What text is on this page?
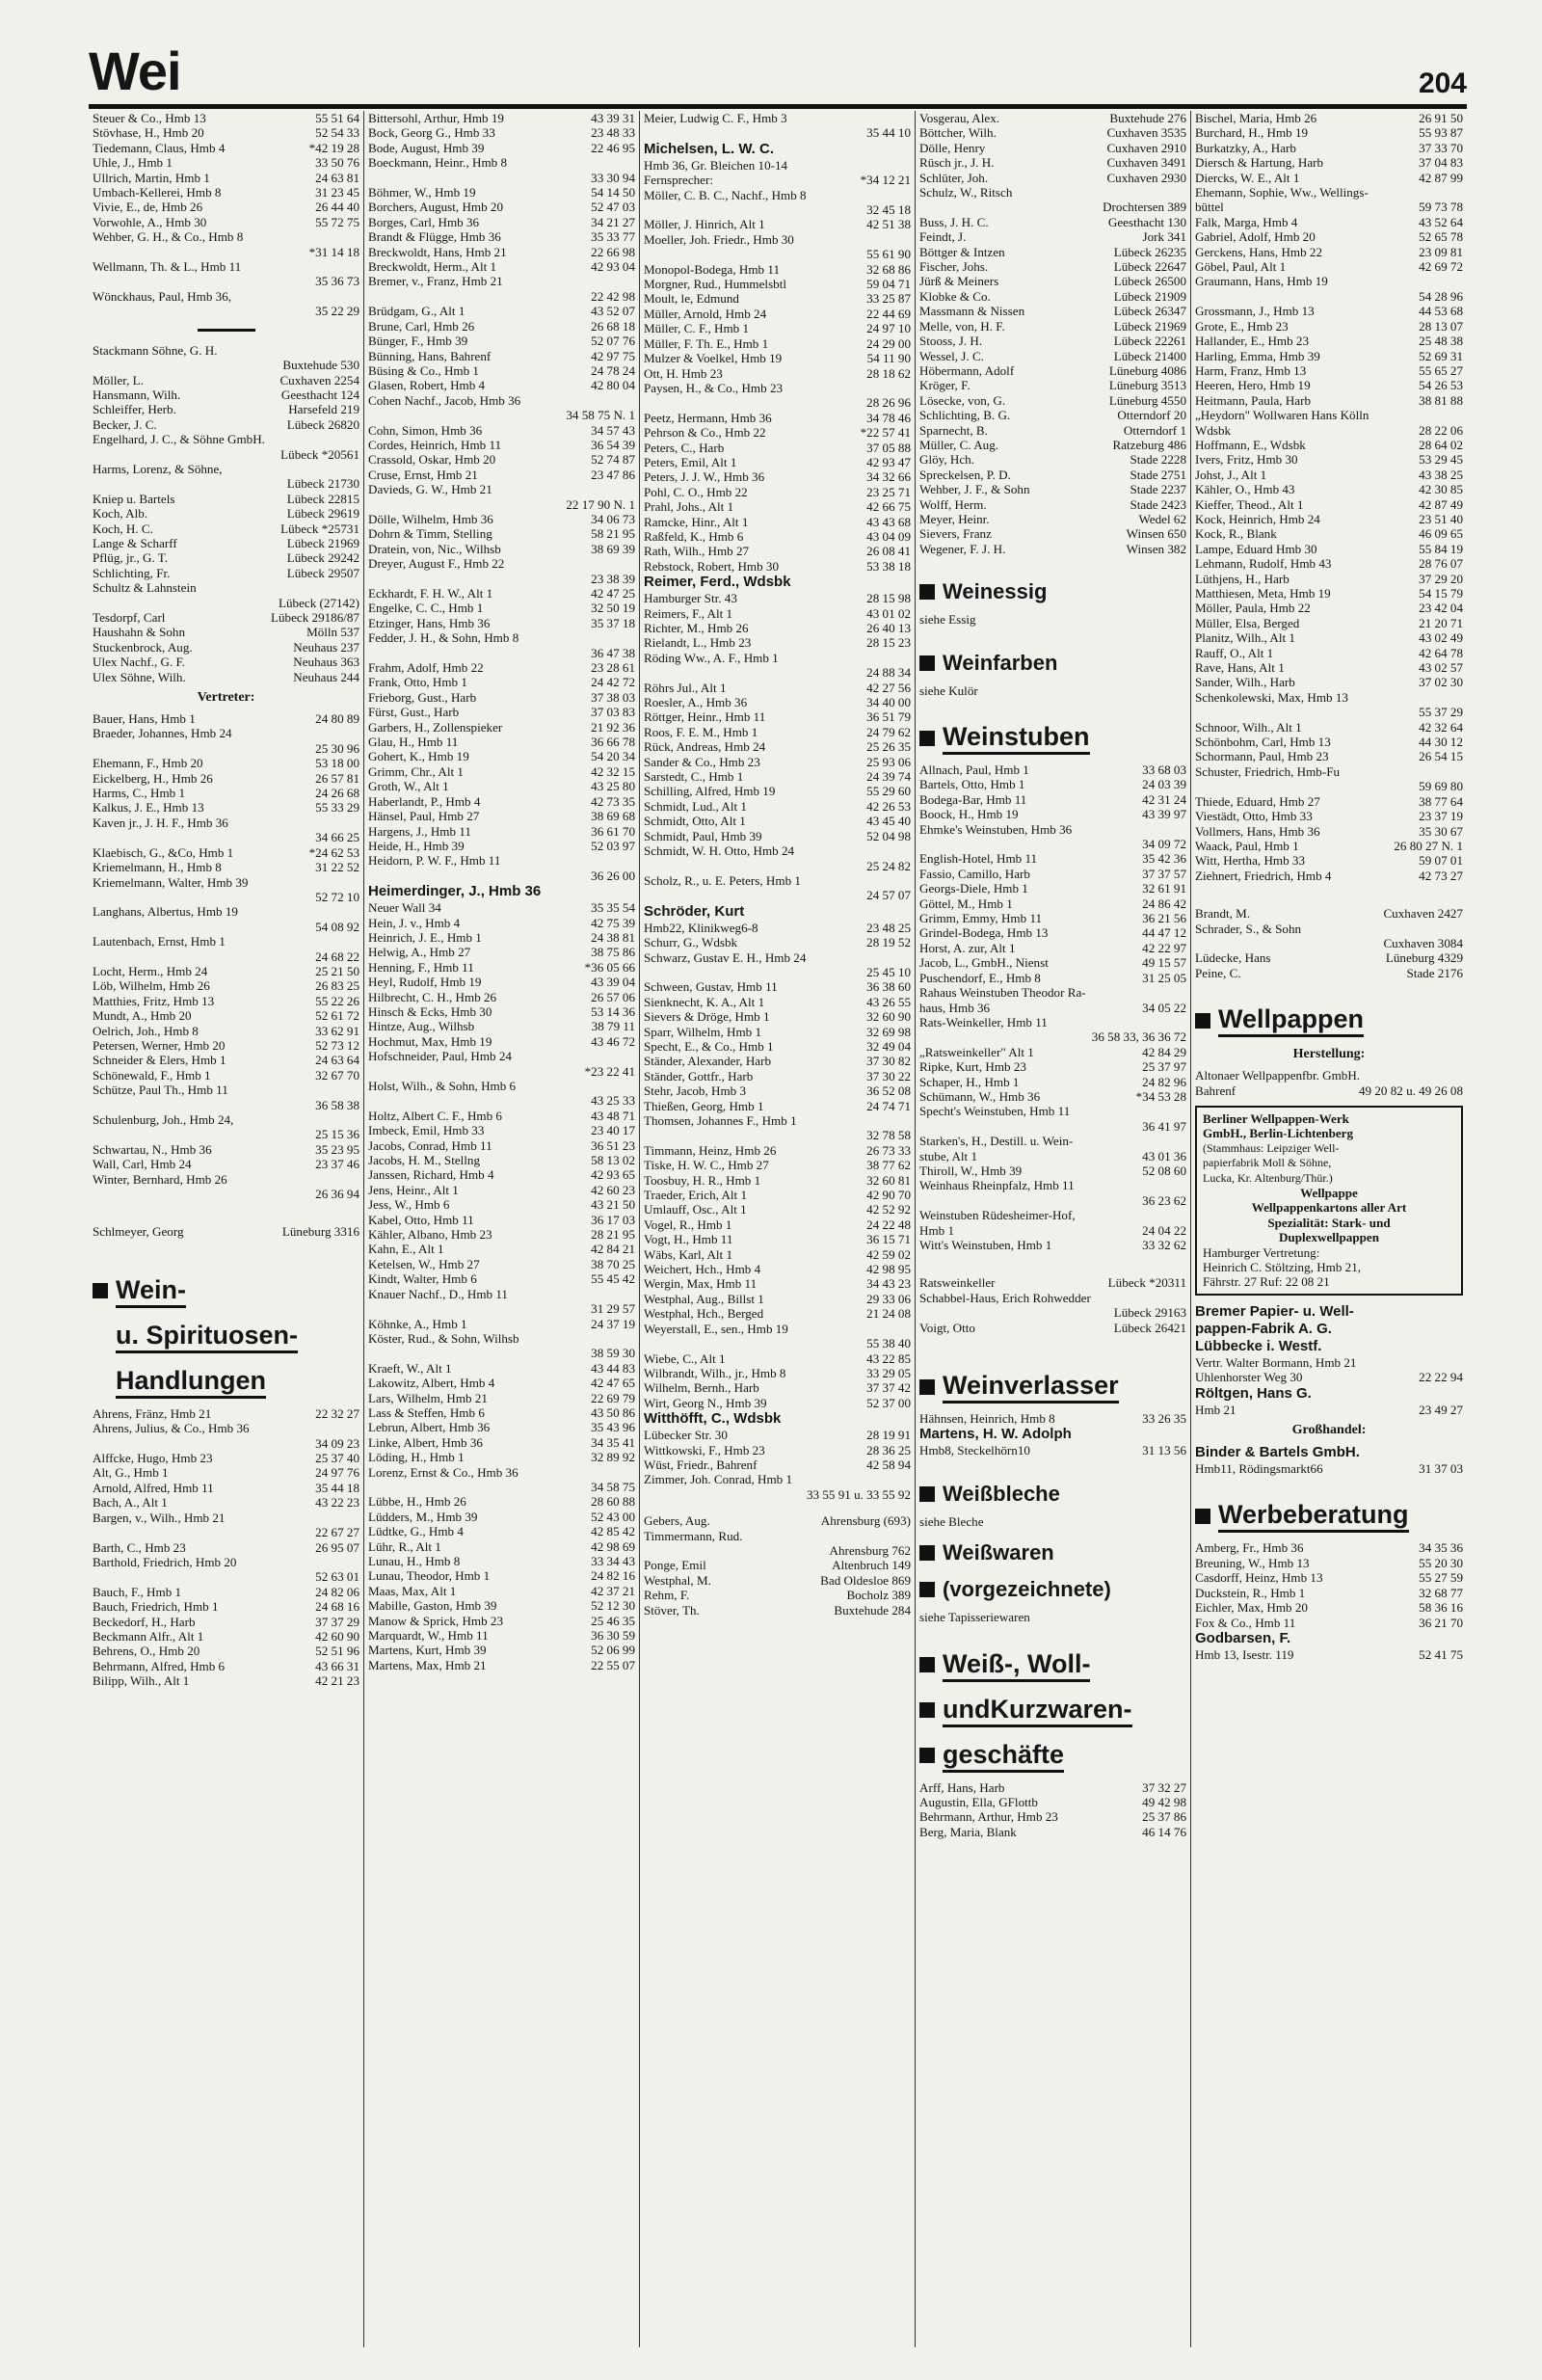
Wei	204
Steuer & Co., Hmb 13	55 51 64
Stövhase, H., Hmb 20	52 54 33
Tiedemann, Claus, Hmb 4	*42 19 28
Uhle, J., Hmb 1	33 50 76
Ullrich, Martin, Hmb 1	24 63 81
Umbach-Kellerei, Hmb 8	31 23 45
Vivie, E., de, Hmb 26	26 44 40
Vorwohle, A., Hmb 30	55 72 75
Wehber, G. H., & Co., Hmb 8
*31 14 18
Wellmann, Th. & L., Hmb 11
35 36 73
Wönckhaus, Paul, Hmb 36,
35 22 29
Stackmann Söhne, G. H.
Buxtehude 530
Möller, L.	Cuxhaven 2254
Hansmann, Wilh.	Geesthacht 124
Schleiffer, Herb.	Harsefeld 219
Becker, J. C.	Lübeck 26820
Engelhard, J. C., & Söhne GmbH.
Lübeck *20561
Harms, Lorenz, & Söhne,
Lübeck 21730
Kniep u. Bartels	Lübeck 22815
Koch, Alb.	Lübeck 29619
Koch, H. C.	Lübeck *25731
Lange & Scharff	Lübeck 21969
Pflüg, jr., G. T.	Lübeck 29242
Schlichting, Fr.	Lübeck 29507
Schultz & Lahnstein
Lübeck (27142)
Tesdorpf, Carl	Lübeck 29186/87
Haushahn & Sohn	Mölln 537
Stuckenbrock, Aug.	Neuhaus 237
Ulex Nachf., G. F.	Neuhaus 363
Ulex Söhne, Wilh.	Neuhaus 244
Vertreter:
Bauer, Hans, Hmb 1	24 80 89
Braeder, Johannes, Hmb 24
25 30 96
Ehemann, F., Hmb 20	53 18 00
Eickelberg, H., Hmb 26	26 57 81
Harms, C., Hmb 1	24 26 68
Kalkus, J. E., Hmb 13	55 33 29
Kaven jr., J. H. F., Hmb 36
34 66 25
Klaebisch, G., &Co, Hmb 1	*24 62 53
Kriemelmann, H., Hmb 8	31 22 52
Kriemelmann, Walter, Hmb 39
52 72 10
Langhans, Albertus, Hmb 19
54 08 92
Lautenbach, Ernst, Hmb 1
24 68 22
Locht, Herm., Hmb 24	25 21 50
Löb, Wilhelm, Hmb 26	26 83 25
Matthies, Fritz, Hmb 13	55 22 26
Mundt, A., Hmb 20	52 61 72
Oelrich, Joh., Hmb 8	33 62 91
Petersen, Werner, Hmb 20	52 73 12
Schneider & Elers, Hmb 1	24 63 64
Schönewald, F., Hmb 1	32 67 70
Schütze, Paul Th., Hmb 11
36 58 38
Schulenburg, Joh., Hmb 24,
25 15 36
Schwartau, N., Hmb 36	35 23 95
Wall, Carl, Hmb 24	23 37 46
Winter, Bernhard, Hmb 26
26 36 94
Schlmeyer, Georg	Lüneburg 3316
Wein-
u. Spirituosen-
Handlungen
Ahrens, Fränz, Hmb 21	22 32 27
Ahrens, Julius, & Co., Hmb 36
34 09 23
Alffcke, Hugo, Hmb 23	25 37 40
Alt, G., Hmb 1	24 97 76
Arnold, Alfred, Hmb 11	35 44 18
Bach, A., Alt 1	43 22 23
Bargen, v., Wilh., Hmb 21
22 67 27
Barth, C., Hmb 23	26 95 07
Barthold, Friedrich, Hmb 20
52 63 01
Bauch, F., Hmb 1	24 82 06
Bauch, Friedrich, Hmb 1	24 68 16
Beckedorf, H., Harb	37 37 29
Beckmann Alfr., Alt 1	42 60 90
Behrens, O., Hmb 20	52 51 96
Behrmann, Alfred, Hmb 6	43 66 31
Bilipp, Wilh., Alt 1	42 21 23
Bittersohl, Arthur, Hmb 19	43 39 31
Bock, Georg G., Hmb 33	23 48 33
Bode, August, Hmb 39	22 46 95
Boeckmann, Heinr., Hmb 8
33 30 94
Böhmer, W., Hmb 19	54 14 50
Borchers, August, Hmb 20	52 47 03
Borges, Carl, Hmb 36	34 21 27
Brandt & Flügge, Hmb 36	35 33 77
Breckwoldt, Hans, Hmb 21	22 66 98
Breckwoldt, Herm., Alt 1	42 93 04
Bremer, v., Franz, Hmb 21
22 42 98
Brüdgam, G., Alt 1	43 52 07
Brune, Carl, Hmb 26	26 68 18
Bünger, F., Hmb 39	52 07 76
Bünning, Hans, Bahrenf	42 97 75
Büsing & Co., Hmb 1	24 78 24
Glasen, Robert, Hmb 4	42 80 04
Cohen Nachf., Jacob, Hmb 36
34 58 75 N. 1
Cohn, Simon, Hmb 36	34 57 43
Cordes, Heinrich, Hmb 11	36 54 39
Crassold, Oskar, Hmb 20	52 74 87
Cruse, Ernst, Hmb 21	23 47 86
Davieds, G. W., Hmb 21
22 17 90 N. 1
Dölle, Wilhelm, Hmb 36	34 06 73
Dohrn & Timm, Stelling	58 21 95
Dratein, von, Nic., Wilhsb	38 69 39
Dreyer, August F., Hmb 22
23 38 39
Eckhardt, F. H. W., Alt 1	42 47 25
Engelke, C. C., Hmb 1	32 50 19
Etzinger, Hans, Hmb 36	35 37 18
Fedder, J. H., & Sohn, Hmb 8
36 47 38
Frahm, Adolf, Hmb 22	23 28 61
Frank, Otto, Hmb 1	24 42 72
Frieborg, Gust., Harb	37 38 03
Fürst, Gust., Harb	37 03 83
Garbers, H., Zollenspieker	21 92 36
Glau, H., Hmb 11	36 66 78
Gohert, K., Hmb 19	54 20 34
Grimm, Chr., Alt 1	42 32 15
Groth, W., Alt 1	43 25 80
Haberlandt, P., Hmb 4	42 73 35
Hänsel, Paul, Hmb 27	38 69 68
Hargens, J., Hmb 11	36 61 70
Heide, H., Hmb 39	52 03 97
Heidorn, P. W. F., Hmb 11
36 26 00
Heimerdinger, J., Hmb 36
Neuer Wall 34	35 35 54
Hein, J. v., Hmb 4	42 75 39
Heinrich, J. E., Hmb 1	24 38 81
Helwig, A., Hmb 27	38 75 86
Henning, F., Hmb 11	*36 05 66
Heyl, Rudolf, Hmb 19	43 39 04
Hilbrecht, C. H., Hmb 26	26 57 06
Hinsch & Ecks, Hmb 30	53 14 36
Hintze, Aug., Wilhsb	38 79 11
Hochmut, Max, Hmb 19	43 46 72
Hofschneider, Paul, Hmb 24
*23 22 41
Holst, Wilh., & Sohn, Hmb 6
43 25 33
Holtz, Albert C. F., Hmb 6	43 48 71
Imbeck, Emil, Hmb 33	23 40 17
Jacobs, Conrad, Hmb 11	36 51 23
Jacobs, H. M., Stellng	58 13 02
Janssen, Richard, Hmb 4	42 93 65
Jens, Heinr., Alt 1	42 60 23
Jess, W., Hmb 6	43 21 50
Kabel, Otto, Hmb 11	36 17 03
Kähler, Albano, Hmb 23	28 21 95
Kahn, E., Alt 1	42 84 21
Ketelsen, W., Hmb 27	38 70 25
Kindt, Walter, Hmb 6	55 45 42
Knauer Nachf., D., Hmb 11
31 29 57
Köhnke, A., Hmb 1	24 37 19
Köster, Rud., & Sohn, Wilhsb
38 59 30
Kraeft, W., Alt 1	43 44 83
Lakowitz, Albert, Hmb 4	42 47 65
Lars, Wilhelm, Hmb 21	22 69 79
Lass & Steffen, Hmb 6	43 50 86
Lebrun, Albert, Hmb 36	35 43 96
Linke, Albert, Hmb 36	34 35 41
Löding, H., Hmb 1	32 89 92
Lorenz, Ernst & Co., Hmb 36
34 58 75
Lübbe, H., Hmb 26	28 60 88
Lüdders, M., Hmb 39	52 43 00
Lüdtke, G., Hmb 4	42 85 42
Lühr, R., Alt 1	42 98 69
Lunau, H., Hmb 8	33 34 43
Lunau, Theodor, Hmb 1	24 82 16
Maas, Max, Alt 1	42 37 21
Mabille, Gaston, Hmb 39	52 12 30
Manow & Sprick, Hmb 23	25 46 35
Marquardt, W., Hmb 11	36 30 59
Martens, Kurt, Hmb 39	52 06 99
Martens, Max, Hmb 21	22 55 07
Meier, Ludwig C. F., Hmb 3
35 44 10
Michelsen, L. W. C.
Hmb 36, Gr. Bleichen 10-14
Fernsprecher:	*34 12 21
Möller, C. B. C., Nachf., Hmb 8
32 45 18
Möller, J. Hinrich, Alt 1	42 51 38
Moeller, Joh. Friedr., Hmb 30
55 61 90
Monopol-Bodega, Hmb 11	32 68 86
Morgner, Rud., Hummelsbtl	59 04 71
Moult, le, Edmund	33 25 87
Müller, Arnold, Hmb 24	22 44 69
Müller, C. F., Hmb 1	24 97 10
Müller, F. Th. E., Hmb 1	24 29 00
Mulzer & Voelkel, Hmb 19	54 11 90
Ott, H. Hmb 23	28 18 62
Paysen, H., & Co., Hmb 23
28 26 96
Peetz, Hermann, Hmb 36	34 78 46
Pehrson & Co., Hmb 22	*22 57 41
Peters, C., Harb	37 05 88
Peters, Emil, Alt 1	42 93 47
Peters, J. J. W., Hmb 36	34 32 66
Pohl, C. O., Hmb 22	23 25 71
Prahl, Johs., Alt 1	42 66 75
Ramcke, Hinr., Alt 1	43 43 68
Raßfeld, K., Hmb 6	43 04 09
Rath, Wilh., Hmb 27	26 08 41
Rebstock, Robert, Hmb 30	53 38 18
Reimer, Ferd., Wdsbk
Hamburger Str. 43	28 15 98
Reimers, F., Alt 1	43 01 02
Richter, M., Hmb 26	26 40 13
Rielandt, L., Hmb 23	28 15 23
Röding Ww., A. F., Hmb 1
24 88 34
Röhrs Jul., Alt 1	42 27 56
Roesler, A., Hmb 36	34 40 00
Röttger, Heinr., Hmb 11	36 51 79
Roos, F. E. M., Hmb 1	24 79 62
Rück, Andreas, Hmb 24	25 26 35
Sander & Co., Hmb 23	25 93 06
Sarstedt, C., Hmb 1	24 39 74
Schilling, Alfred, Hmb 19	55 29 60
Schmidt, Lud., Alt 1	42 26 53
Schmidt, Otto, Alt 1	43 45 40
Schmidt, Paul, Hmb 39	52 04 98
Schmidt, W. H. Otto, Hmb 24
25 24 82
Scholz, R., u. E. Peters, Hmb 1
24 57 07
Schröder, Kurt
Hmb22, Klinikweg6-8	23 48 25
Schurr, G., Wdsbk	28 19 52
Schwarz, Gustav E. H., Hmb 24
25 45 10
Schween, Gustav, Hmb 11	36 38 60
Sienknecht, K. A., Alt 1	43 26 55
Sievers & Dröge, Hmb 1	32 60 90
Sparr, Wilhelm, Hmb 1	32 69 98
Specht, E., & Co., Hmb 1	32 49 04
Ständer, Alexander, Harb	37 30 82
Ständer, Gottfr., Harb	37 30 22
Stehr, Jacob, Hmb 3	36 52 08
Thießen, Georg, Hmb 1	24 74 71
Thomsen, Johannes F., Hmb 1
32 78 58
Timmann, Heinz, Hmb 26	26 73 33
Tiske, H. W. C., Hmb 27	38 77 62
Toosbuy, H. R., Hmb 1	32 60 81
Traeder, Erich, Alt 1	42 90 70
Umlauff, Osc., Alt 1	42 52 92
Vogel, R., Hmb 1	24 22 48
Vogt, H., Hmb 11	36 15 71
Wäbs, Karl, Alt 1	42 59 02
Weichert, Hch., Hmb 4	42 98 95
Wergin, Max, Hmb 11	34 43 23
Westphal, Aug., Billst 1	29 33 06
Westphal, Hch., Berged	21 24 08
Weyerstall, E., sen., Hmb 19
55 38 40
Wiebe, C., Alt 1	43 22 85
Wilbrandt, Wilh., jr., Hmb 8	33 29 05
Wilhelm, Bernh., Harb	37 37 42
Wirt, Georg N., Hmb 39	52 37 00
Witthöfft, C., Wdsbk
Lübecker Str. 30	28 19 91
Wittkowski, F., Hmb 23	28 36 25
Wüst, Friedr., Bahrenf	42 58 94
Zimmer, Joh. Conrad, Hmb 1
33 55 91 u. 33 55 92
Gebers, Aug.	Ahrensburg (693)
Timmermann, Rud.
Ahrensburg 762
Ponge, Emil	Altenbruch 149
Westphal, M.	Bad Oldesloe 869
Rehm, F.	Bocholz 389
Stöver, Th.	Buxtehude 284
Vosgerau, Alex.	Buxtehude 276
Böttcher, Wilh.	Cuxhaven 3535
Dölle, Henry	Cuxhaven 2910
Rüsch jr., J. H.	Cuxhaven 3491
Schlüter, Joh.	Cuxhaven 2930
Schulz, W., Ritsch
Drochtersen 389
Buss, J. H. C.	Geesthacht 130
Feindt, J.	Jork 341
Böttger & Intzen	Lübeck 26235
Fischer, Johs.	Lübeck 22647
Jürß & Meiners	Lübeck 26500
Klobke & Co.	Lübeck 21909
Massmann & Nissen	Lübeck 26347
Melle, von, H. F.	Lübeck 21969
Stooss, J. H.	Lübeck 22261
Wessel, J. C.	Lübeck 21400
Höbermann, Adolf	Lüneburg 4086
Kröger, F.	Lüneburg 3513
Lösecke, von, G.	Lüneburg 4550
Schlichting, B. G.	Otterndorf 20
Sparnecht, B.	Otterndorf 1
Müller, C. Aug.	Ratzeburg 486
Glöy, Hch.	Stade 2228
Spreckelsen, P. D.	Stade 2751
Wehber, J. F., & Sohn	Stade 2237
Wolff, Herm.	Stade 2423
Meyer, Heinr.	Wedel 62
Sievers, Franz	Winsen 650
Wegener, F. J. H.	Winsen 382
Weinessig
siehe Essig
Weinfarben
siehe Kulör
Weinstuben
Allnach, Paul, Hmb 1	33 68 03
Bartels, Otto, Hmb 1	24 03 39
Bodega-Bar, Hmb 11	42 31 24
Boock, H., Hmb 19	43 39 97
Ehmke's Weinstuben, Hmb 36
34 09 72
English-Hotel, Hmb 11	35 42 36
Fassio, Camillo, Harb	37 37 57
Georgs-Diele, Hmb 1	32 61 91
Göttel, M., Hmb 1	24 86 42
Grimm, Emmy, Hmb 11	36 21 56
Grindel-Bodega, Hmb 13	44 47 12
Horst, A. zur, Alt 1	42 22 97
Jacob, L., GmbH., Nienst	49 15 57
Puschendorf, E., Hmb 8	31 25 05
Rahaus Weinstuben Theodor Ra-
haus, Hmb 36	34 05 22
Rats-Weinkeller, Hmb 11
36 58 33, 36 36 72
„Ratsweinkeller" Alt 1	42 84 29
Ripke, Kurt, Hmb 23	25 37 97
Schaper, H., Hmb 1	24 82 96
Schümann, W., Hmb 36	*34 53 28
Specht's Weinstuben, Hmb 11
36 41 97
Starken's, H., Destill. u. Wein-
stube, Alt 1	43 01 36
Thiroll, W., Hmb 39	52 08 60
Weinhaus Rheinpfalz, Hmb 11
36 23 62
Weinstuben Rüdesheimer-Hof,
Hmb 1	24 04 22
Witt's Weinstuben, Hmb 1	33 32 62
Ratsweinkeller	Lübeck *20311
Schabbel-Haus, Erich Rohwedder
Lübeck 29163
Voigt, Otto	Lübeck 26421
Weinverlasser
Hähnsen, Heinrich, Hmb 8	33 26 35
Martens, H. W. Adolph
Hmb8, Steckelhörn10	31 13 56
Weißbleche
siehe Bleche
Weißwaren
(vorgezeichnete)
siehe Tapisseriewaren
Weiß-, Woll-
undKurzwaren-
geschäfte
Arff, Hans, Harb	37 32 27
Augustin, Ella, GFlottb	49 42 98
Behrmann, Arthur, Hmb 23	25 37 86
Berg, Maria, Blank	46 14 76
Bischel, Maria, Hmb 26	26 91 50
Burchard, H., Hmb 19	55 93 87
Burkatzky, A., Harb	37 33 70
Diersch & Hartung, Harb	37 04 83
Diercks, W. E., Alt 1	42 87 99
Ehemann, Sophie, Ww., Wellings-
büttel	59 73 78
Falk, Marga, Hmb 4	43 52 64
Gabriel, Adolf, Hmb 20	52 65 78
Gerckens, Hans, Hmb 22	23 09 81
Göbel, Paul, Alt 1	42 69 72
Graumann, Hans, Hmb 19
54 28 96
Grossmann, J., Hmb 13	44 53 68
Grote, E., Hmb 23	28 13 07
Hallander, E., Hmb 23	25 48 38
Harling, Emma, Hmb 39	52 69 31
Harm, Franz, Hmb 13	55 65 27
Heeren, Hero, Hmb 19	54 26 53
Heitmann, Paula, Harb	38 81 88
„Heydorn" Wollwaren Hans Kölln
Wdsbk	28 22 06
Hoffmann, E., Wdsbk	28 64 02
Ivers, Fritz, Hmb 30	53 29 45
Johst, J., Alt 1	43 38 25
Kähler, O., Hmb 43	42 30 85
Kieffer, Theod., Alt 1	42 87 49
Kock, Heinrich, Hmb 24	23 51 40
Kock, R., Blank	46 09 65
Lampe, Eduard Hmb 30	55 84 19
Lehmann, Rudolf, Hmb 43	28 76 07
Lüthjens, H., Harb	37 29 20
Matthiesen, Meta, Hmb 19	54 15 79
Möller, Paula, Hmb 22	23 42 04
Müller, Elsa, Berged	21 20 71
Planitz, Wilh., Alt 1	43 02 49
Rauff, O., Alt 1	42 64 78
Rave, Hans, Alt 1	43 02 57
Sander, Wilh., Harb	37 02 30
Schenkolewski, Max, Hmb 13
55 37 29
Schnoor, Wilh., Alt 1	42 32 64
Schönbohm, Carl, Hmb 13	44 30 12
Schormann, Paul, Hmb 23	26 54 15
Schuster, Friedrich, Hmb-Fu
59 69 80
Thiede, Eduard, Hmb 27	38 77 64
Viestädt, Otto, Hmb 33	23 37 19
Vollmers, Hans, Hmb 36	35 30 67
Waack, Paul, Hmb 1	26 80 27 N. 1
Witt, Hertha, Hmb 33	59 07 01
Ziehnert, Friedrich, Hmb 4	42 73 27
Brandt, M.	Cuxhaven 2427
Schrader, S., & Sohn
Cuxhaven 3084
Lüdecke, Hans	Lüneburg 4329
Peine, C.	Stade 2176
Wellpappen
Herstellung:
Altonaer Wellpappenfbr. GmbH.
Bahrenf	49 20 82 u. 49 26 08
Berliner Wellpappen-Werk
GmbH., Berlin-Lichtenberg
(Stammhaus: Leipziger Well-
papierfabrik Moll & Söhne,
Lucka, Kr. Altenburg/Thür.)
Wellpappe
Wellpappenkartons aller Art
Spezialität: Stark- und
Duplexwellpappen
Hamburger Vertretung:
Heinrich C. Stöltzing, Hmb 21,
Fährstr. 27 Ruf: 22 08 21
Bremer Papier- u. Well-
pappen-Fabrik A. G.
Lübbecke i. Westf.
Vertr. Walter Bormann, Hmb 21
Uhlenhorster Weg 30	22 22 94
Röltgen, Hans G.
Hmb 21	23 49 27
Großhandel:
Binder & Bartels GmbH.
Hmb11, Rödingsmarkt66	31 37 03
Werbeberatung
Amberg, Fr., Hmb 36	34 35 36
Breuning, W., Hmb 13	55 20 30
Casdorff, Heinz, Hmb 13	55 27 59
Duckstein, R., Hmb 1	32 68 77
Eichler, Max, Hmb 20	58 36 16
Fox & Co., Hmb 11	36 21 70
Godbarsen, F.
Hmb 13, Isestr. 119	52 41 75
